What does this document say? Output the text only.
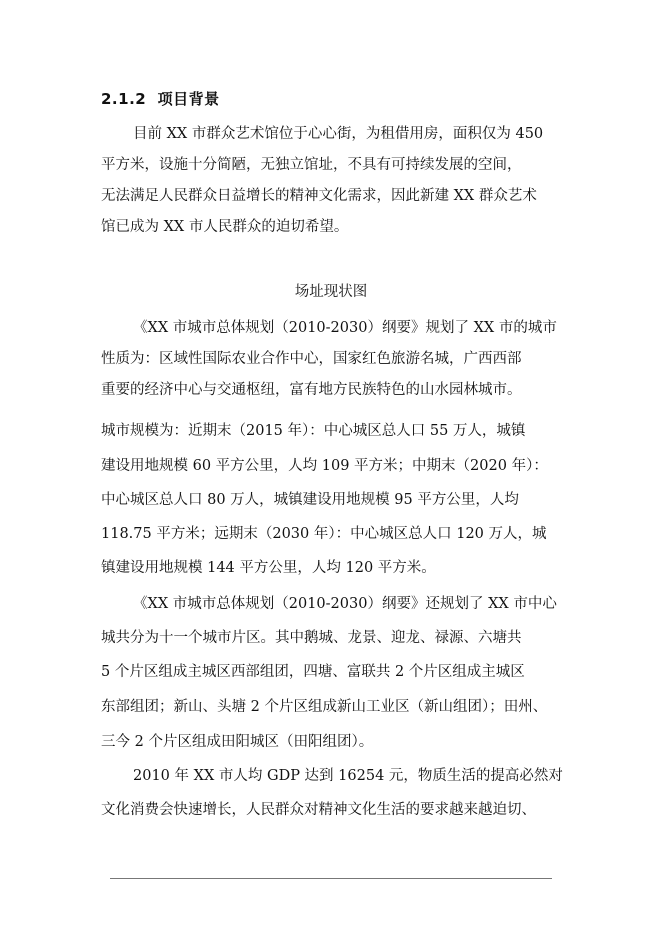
2.1.2 项目背景
目前 XX 市群众艺术馆位于心心街，为租借用房，面积仅为 450
平方米，设施十分简陋，无独立馆址，不具有可持续发展的空间，
无法满足人民群众日益增长的精神文化需求，因此新建 XX 群众艺术
馆已成为 XX 市人民群众的迫切希望。
场址现状图
《XX 市城市总体规划（2010-2030）纲要》规划了 XX 市的城市
性质为：区域性国际农业合作中心，国家红色旅游名城，广西西部
重要的经济中心与交通枢纽，富有地方民族特色的山水园林城市。
城市规模为：近期末（2015 年）：中心城区总人口 55 万人，城镇
建设用地规模 60 平方公里，人均 109 平方米；中期末（2020 年）：
中心城区总人口 80 万人，城镇建设用地规模 95 平方公里，人均
118.75 平方米；远期末（2030 年）：中心城区总人口 120 万人，城
镇建设用地规模 144 平方公里，人均 120 平方米。
《XX 市城市总体规划（2010-2030）纲要》还规划了 XX 市中心
城共分为十一个城市片区。其中鹅城、龙景、迎龙、禄源、六塘共
5 个片区组成主城区西部组团，四塘、富联共 2 个片区组成主城区
东部组团；新山、头塘 2 个片区组成新山工业区（新山组团）；田州、
三今 2 个片区组成田阳城区（田阳组团）。
2010 年 XX 市人均 GDP 达到 16254 元，物质生活的提高必然对
文化消费会快速增长，人民群众对精神文化生活的要求越来越迫切、
